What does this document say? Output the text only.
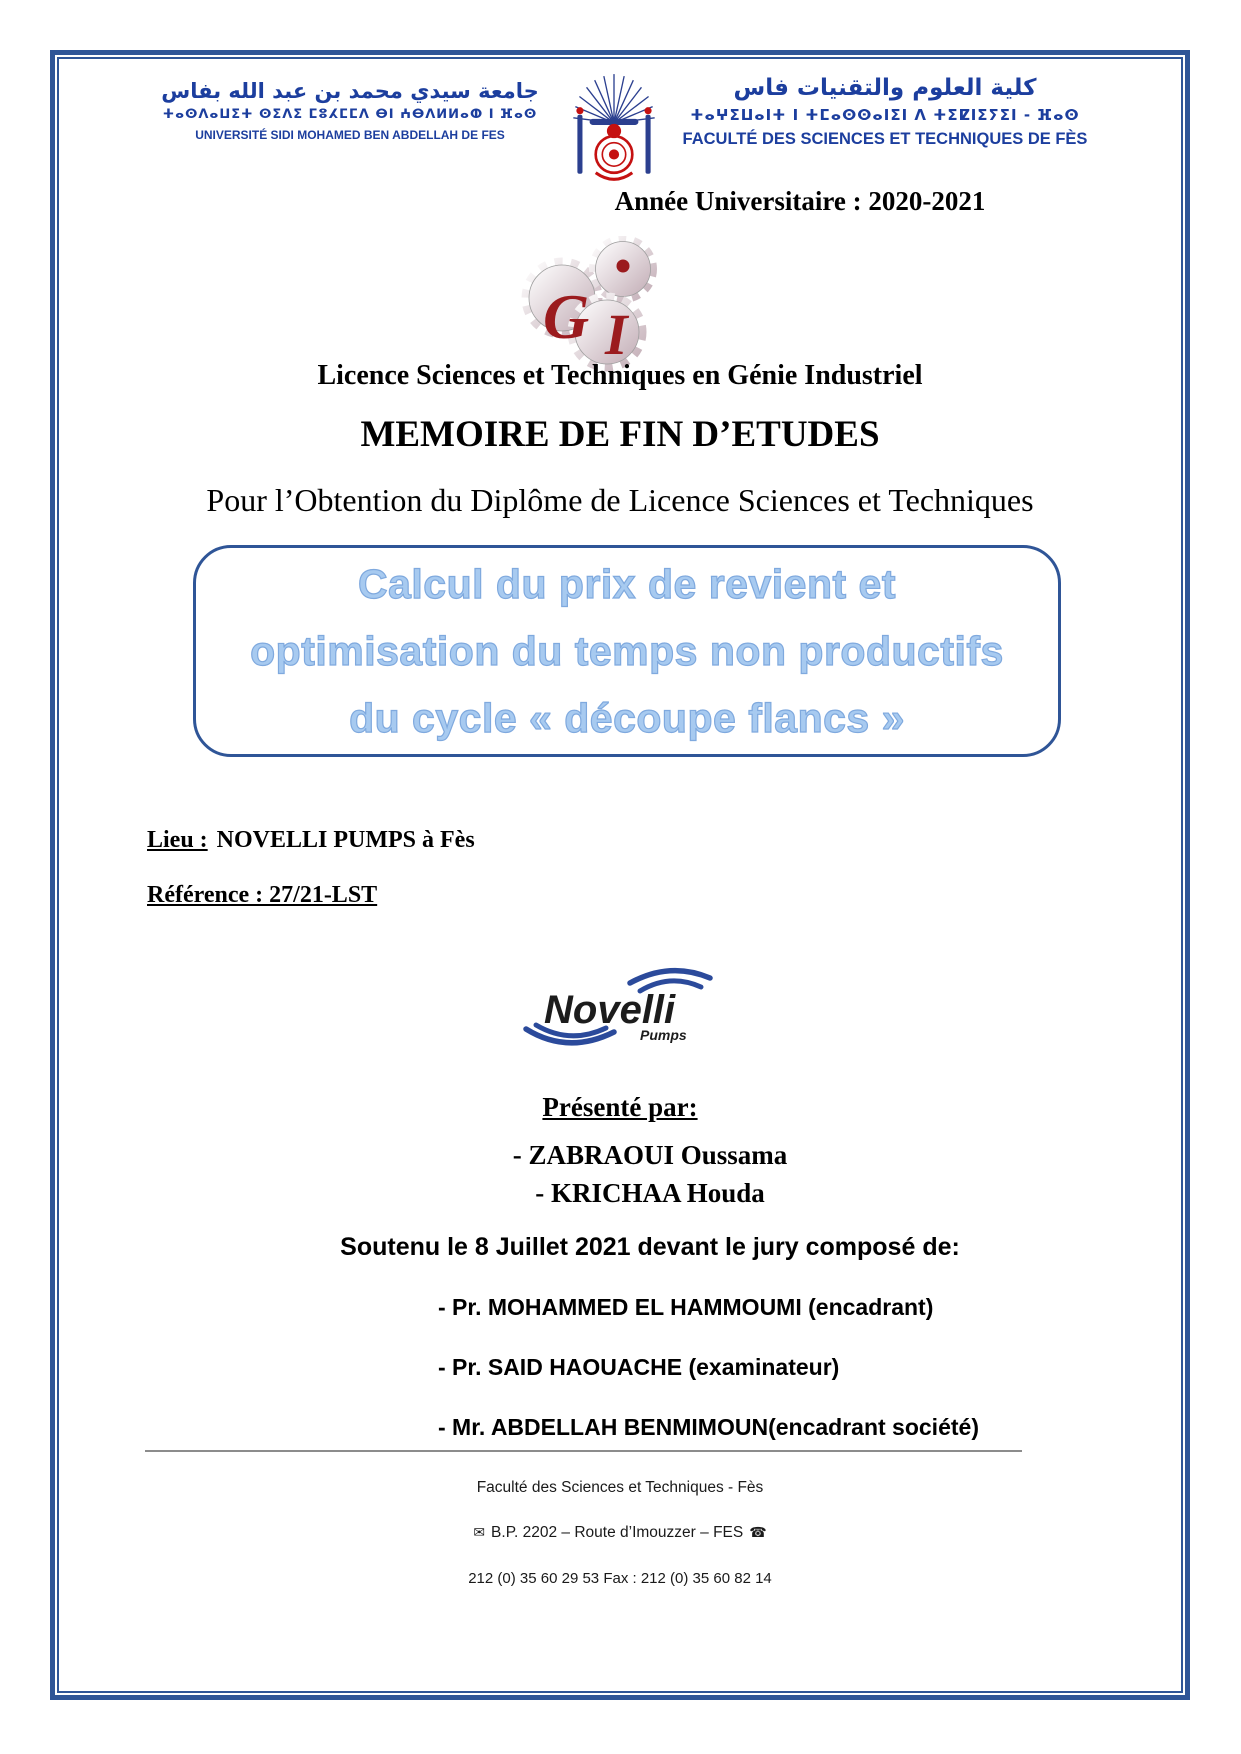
جامعة سيدي محمد بن عبد الله بفاس
ⵜⴰⵙⴷⴰⵡⵉⵜ ⵙⵉⴷⵉ ⵎⵓⵃⵎⵎⴷ ⴱⵏ ⵄⴱⴷⵍⵍⴰⵀ ⵏ ⴼⴰⵙ
UNIVERSITÉ SIDI MOHAMED BEN ABDELLAH DE FES
كلية العلوم والتقنيات فاس
ⵜⴰⵖⵉⵡⴰⵏⵜ ⵏ ⵜⵎⴰⵙⵙⴰⵏⵉⵏ ⴷ ⵜⵉⵇⵏⵉⵢⵉⵏ - ⴼⴰⵙ
FACULTÉ DES SCIENCES ET TECHNIQUES DE FÈS
Année Universitaire : 2020-2021
G I
Licence Sciences et Techniques en Génie Industriel
MEMOIRE DE FIN D’ETUDES
Pour l’Obtention du Diplôme de Licence Sciences et Techniques
Calcul du prix de revient et
optimisation du temps non productifs
du cycle « découpe flancs »
Lieu : NOVELLI PUMPS à Fès
Référence : 27/21-LST
Novelli
Pumps
Présenté par:
- ZABRAOUI Oussama
- KRICHAA Houda
Soutenu le 8 Juillet 2021 devant le jury composé de:
- Pr. MOHAMMED EL HAMMOUMI (encadrant)
- Pr. SAID HAOUACHE (examinateur)
- Mr. ABDELLAH BENMIMOUN(encadrant société)
Faculté des Sciences et Techniques - Fès
✉ B.P. 2202 – Route d’Imouzzer – FES ☎
212 (0) 35 60 29 53 Fax : 212 (0) 35 60 82 14
